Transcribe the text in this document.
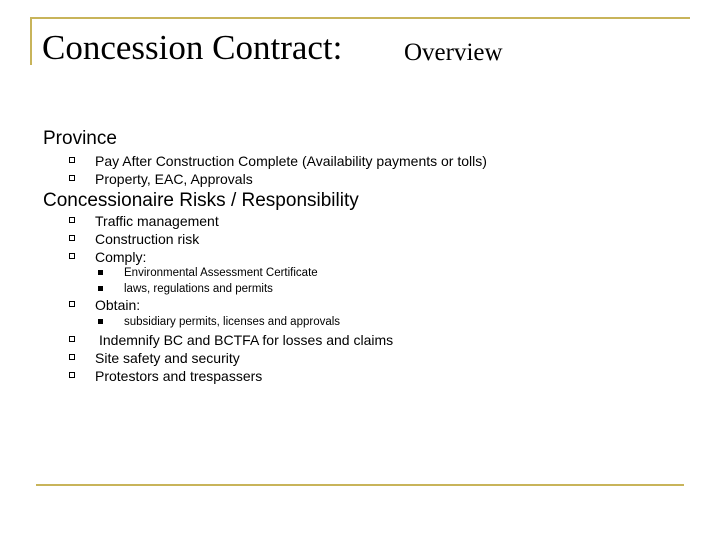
Concession Contract: Overview
Province
Pay After Construction Complete (Availability payments or tolls)
Property, EAC, Approvals
Concessionaire Risks / Responsibility
Traffic management
Construction risk
Comply:
Environmental Assessment Certificate
laws, regulations and permits
Obtain:
subsidiary permits, licenses and approvals
Indemnify BC and BCTFA for losses and claims
Site safety and security
Protestors and trespassers
